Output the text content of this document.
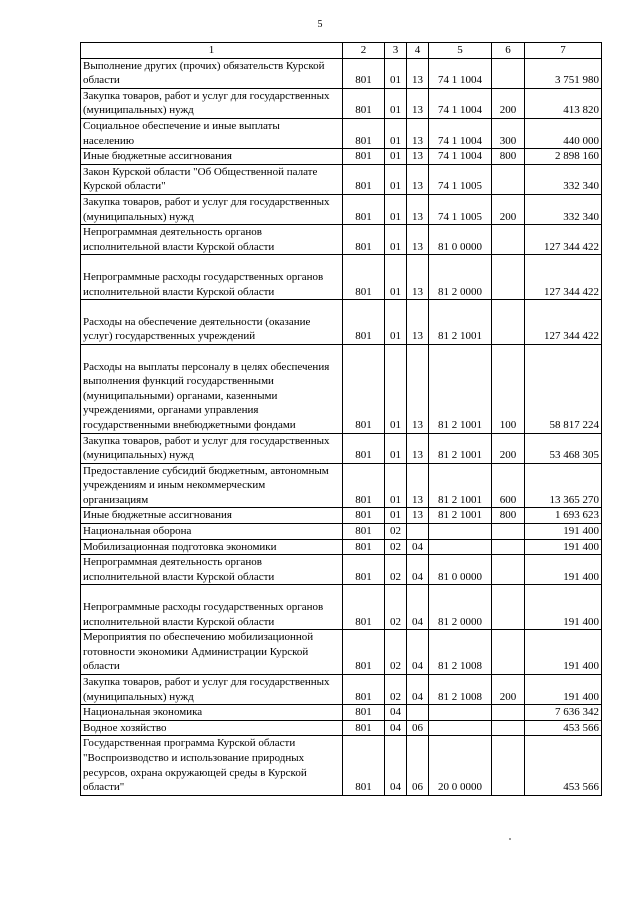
5
1	2	3	4	5	6	7
Выполнение других (прочих) обязательств Курской
области	801	01	13	74 1 1004		3 751 980
Закупка товаров, работ и услуг для государственных
(муниципальных) нужд	801	01	13	74 1 1004	200	413 820
Социальное обеспечение и иные выплаты
населению	801	01	13	74 1 1004	300	440 000
Иные бюджетные ассигнования	801	01	13	74 1 1004	800	2 898 160
Закон Курской области "Об Общественной палате
Курской области"	801	01	13	74 1 1005		332 340
Закупка товаров, работ и услуг для государственных
(муниципальных) нужд	801	01	13	74 1 1005	200	332 340
Непрограммная деятельность органов
исполнительной власти Курской области	801	01	13	81 0 0000		127 344 422

Непрограммные расходы государственных органов
исполнительной власти Курской области	801	01	13	81 2 0000		127 344 422

Расходы на обеспечение деятельности (оказание
услуг) государственных учреждений	801	01	13	81 2 1001		127 344 422

Расходы на выплаты персоналу в целях обеспечения
выполнения функций государственными
(муниципальными) органами, казенными
учреждениями, органами управления
государственными внебюджетными фондами	801	01	13	81 2 1001	100	58 817 224
Закупка товаров, работ и услуг для государственных
(муниципальных) нужд	801	01	13	81 2 1001	200	53 468 305
Предоставление субсидий бюджетным, автономным
учреждениям и иным некоммерческим
организациям	801	01	13	81 2 1001	600	13 365 270
Иные бюджетные ассигнования	801	01	13	81 2 1001	800	1 693 623
Национальная оборона	801	02				191 400
Мобилизационная подготовка экономики	801	02	04			191 400
Непрограммная деятельность органов
исполнительной власти Курской области	801	02	04	81 0 0000		191 400

Непрограммные расходы государственных органов
исполнительной власти Курской области	801	02	04	81 2 0000		191 400
Мероприятия по обеспечению мобилизационной
готовности экономики Администрации Курской
области	801	02	04	81 2 1008		191 400
Закупка товаров, работ и услуг для государственных
(муниципальных) нужд	801	02	04	81 2 1008	200	191 400
Национальная экономика	801	04				7 636 342
Водное хозяйство	801	04	06			453 566
Государственная программа Курской области
"Воспроизводство и использование природных
ресурсов, охрана окружающей среды в Курской
области"	801	04	06	20 0 0000		453 566
